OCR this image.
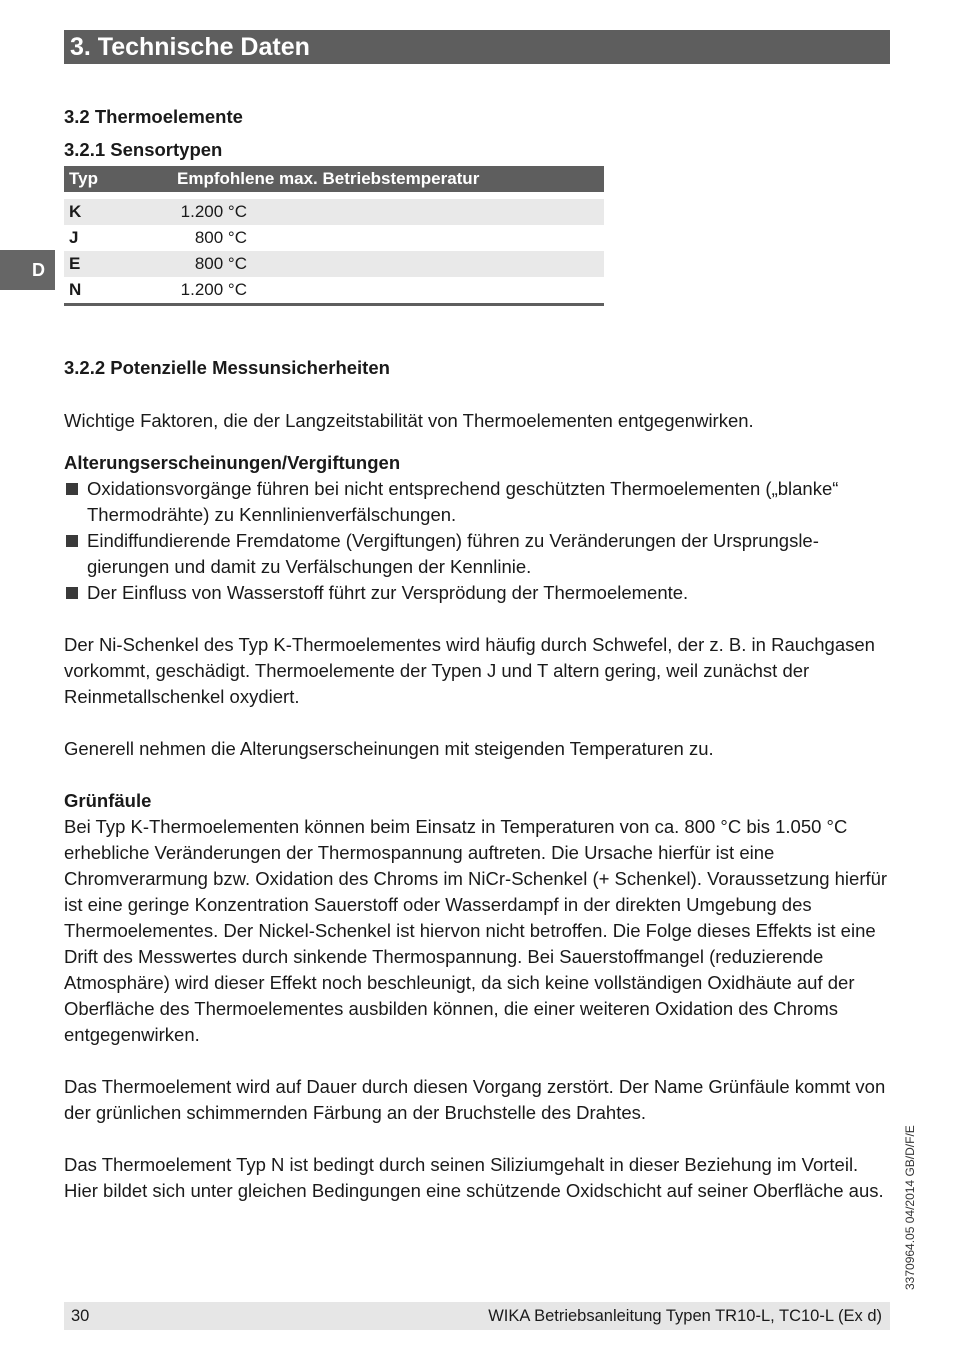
3. Technische Daten
D
3.2 Thermoelemente
3.2.1 Sensortypen
Typ	Empfohlene max. Betriebstemperatur	

K	1.200 °C	
J	800 °C	
E	800 °C	
N	1.200 °C	
3.2.2 Potenzielle Messunsicherheiten

Wichtige Faktoren, die der Langzeitstabilität von Thermoelementen entgegenwirken.

Alterungserscheinungen/Vergiftungen
Oxidationsvorgänge führen bei nicht entsprechend geschützten Thermoelementen („blanke“ Thermodrähte) zu Kennlinienverfälschungen.
Eindiffundierende Fremdatome (Vergiftungen) führen zu Veränderungen der Ursprungslegierungen und damit zu Verfälschungen der Kennlinie.
Der Einfluss von Wasserstoff führt zur Versprödung der Thermoelemente.

Der Ni-Schenkel des Typ K-Thermoelementes wird häufig durch Schwefel, der z. B. in Rauchgasen vorkommt, geschädigt. Thermoelemente der Typen J und T altern gering, weil zunächst der Reinmetallschenkel oxydiert.

Generell nehmen die Alterungserscheinungen mit steigenden Temperaturen zu.

Grünfäule

Bei Typ K-Thermoelementen können beim Einsatz in Temperaturen von ca. 800 °C bis 1.050 °C erhebliche Veränderungen der Thermospannung auftreten. Die Ursache hierfür ist eine Chromverarmung bzw. Oxidation des Chroms im NiCr-Schenkel (+ Schenkel). Voraussetzung hierfür ist eine geringe Konzentration Sauerstoff oder Wasserdampf in der direkten Umgebung des Thermoelementes. Der Nickel-Schenkel ist hiervon nicht betroffen. Die Folge dieses Effekts ist eine Drift des Messwertes durch sinkende Thermospannung. Bei Sauerstoffmangel (reduzierende Atmosphäre) wird dieser Effekt noch beschleunigt, da sich keine vollständigen Oxidhäute auf der Oberfläche des Thermoelementes ausbilden können, die einer weiteren Oxidation des Chroms entgegenwirken.

Das Thermoelement wird auf Dauer durch diesen Vorgang zerstört. Der Name Grünfäule kommt von der grünlichen schimmernden Färbung an der Bruchstelle des Drahtes.

Das Thermoelement Typ N ist bedingt durch seinen Siliziumgehalt in dieser Beziehung im Vorteil. Hier bildet sich unter gleichen Bedingungen eine schützende Oxidschicht auf seiner Oberfläche aus.	3370964.05 04/2014 GB/D/F/E
30	WIKA Betriebsanleitung Typen TR10-L, TC10-L (Ex d)
